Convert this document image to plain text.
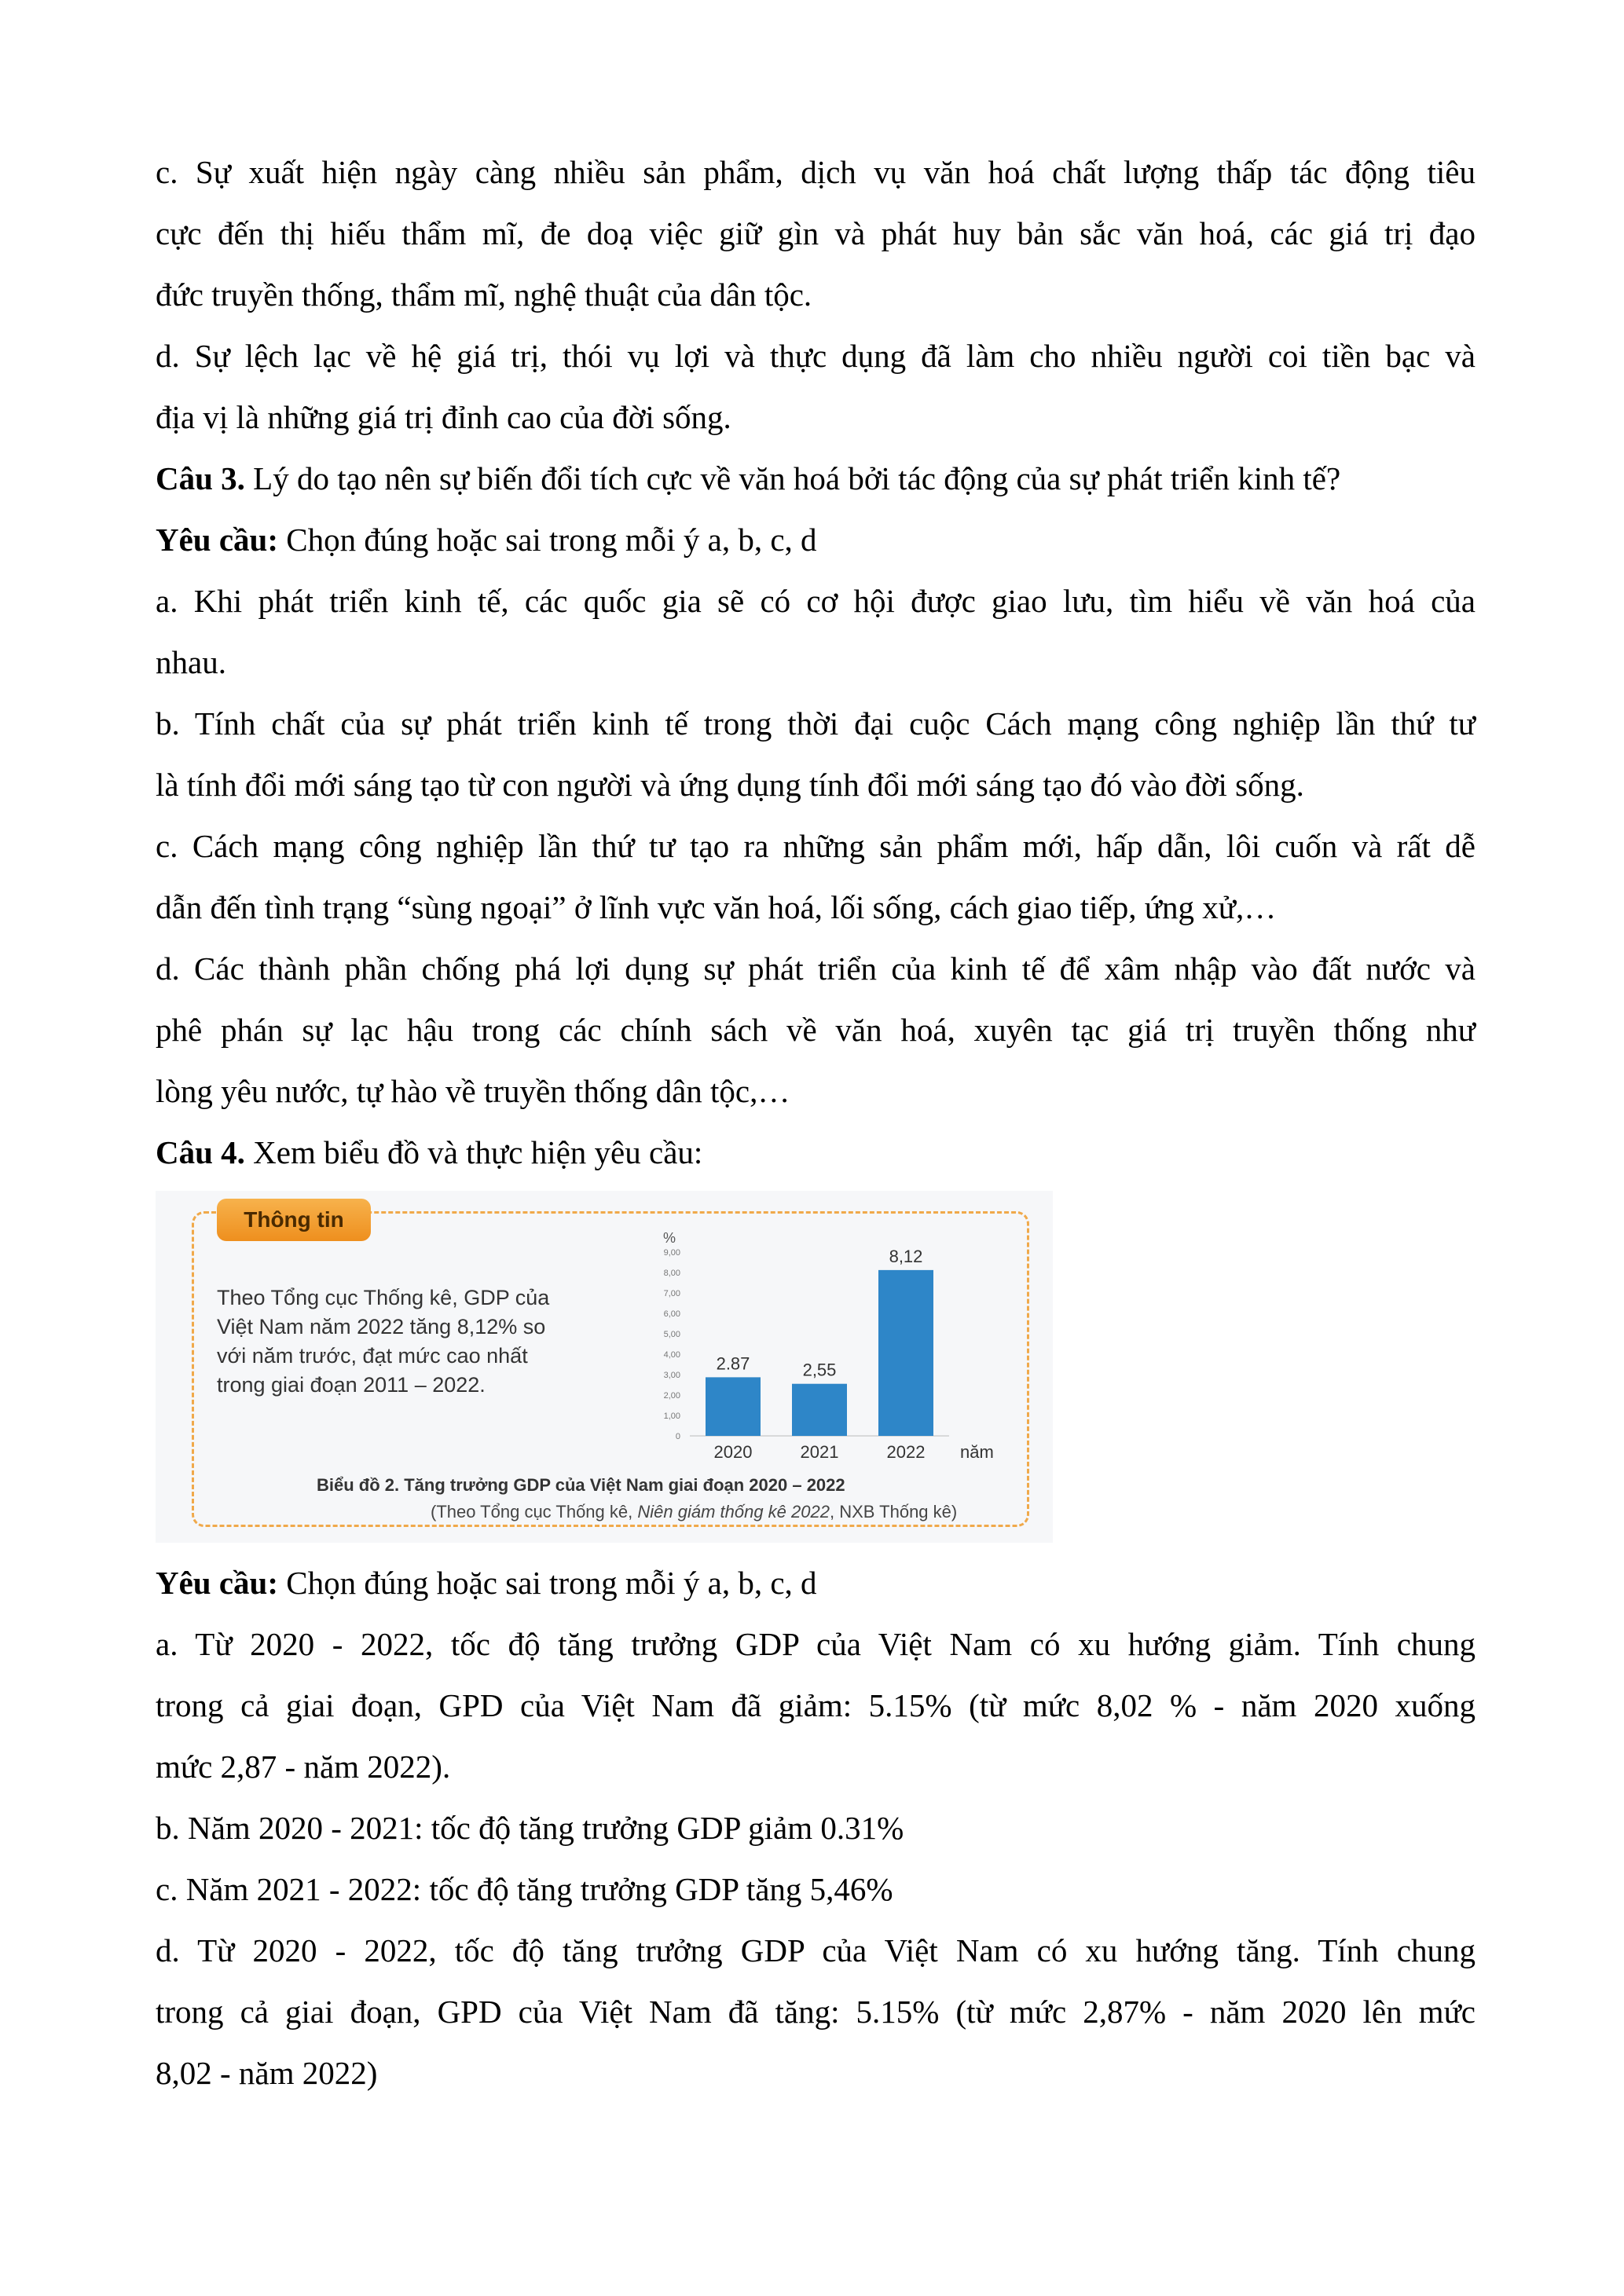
c. Sự xuất hiện ngày càng nhiều sản phẩm, dịch vụ văn hoá chất lượng thấp tác động tiêu
cực đến thị hiếu thẩm mĩ, đe doạ việc giữ gìn và phát huy bản sắc văn hoá, các giá trị đạo
đức truyền thống, thẩm mĩ, nghệ thuật của dân tộc.
d. Sự lệch lạc về hệ giá trị, thói vụ lợi và thực dụng đã làm cho nhiều người coi tiền bạc và
địa vị là những giá trị đỉnh cao của đời sống.
Câu 3. Lý do tạo nên sự biến đổi tích cực về văn hoá bởi tác động của sự phát triển kinh tế?
Yêu cầu: Chọn đúng hoặc sai trong mỗi ý a, b, c, d
a. Khi phát triển kinh tế, các quốc gia sẽ có cơ hội được giao lưu, tìm hiểu về văn hoá của
nhau.
b. Tính chất của sự phát triển kinh tế trong thời đại cuộc Cách mạng công nghiệp lần thứ tư
là tính đổi mới sáng tạo từ con người và ứng dụng tính đổi mới sáng tạo đó vào đời sống.
c. Cách mạng công nghiệp lần thứ tư tạo ra những sản phẩm mới, hấp dẫn, lôi cuốn và rất dễ
dẫn đến tình trạng “sùng ngoại” ở lĩnh vực văn hoá, lối sống, cách giao tiếp, ứng xử,…
d. Các thành phần chống phá lợi dụng sự phát triển của kinh tế để xâm nhập vào đất nước và
phê phán sự lạc hậu trong các chính sách về văn hoá, xuyên tạc giá trị truyền thống như
lòng yêu nước, tự hào về truyền thống dân tộc,…
Câu 4. Xem biểu đồ và thực hiện yêu cầu:
Thông tin
Theo Tổng cục Thống kê, GDP của
Việt Nam năm 2022 tăng 8,12% so
với năm trước, đạt mức cao nhất
trong giai đoạn 2011 – 2022.
%
0
1,00
2,00
3,00
4,00
5,00
6,00
7,00
8,00
9,00
2.87
2020
2,55
2021
8,12
2022 năm
Biểu đồ 2. Tăng trưởng GDP của Việt Nam giai đoạn 2020 – 2022
(Theo Tổng cục Thống kê, Niên giám thống kê 2022, NXB Thống kê)
Yêu cầu: Chọn đúng hoặc sai trong mỗi ý a, b, c, d
a. Từ 2020 - 2022, tốc độ tăng trưởng GDP của Việt Nam có xu hướng giảm. Tính chung
trong cả giai đoạn, GPD của Việt Nam đã giảm: 5.15% (từ mức 8,02 % - năm 2020 xuống
mức 2,87 - năm 2022).
b. Năm 2020 - 2021: tốc độ tăng trưởng GDP giảm 0.31%
c. Năm 2021 - 2022: tốc độ tăng trưởng GDP tăng 5,46%
d. Từ 2020 - 2022, tốc độ tăng trưởng GDP của Việt Nam có xu hướng tăng. Tính chung
trong cả giai đoạn, GPD của Việt Nam đã tăng: 5.15% (từ mức 2,87% - năm 2020 lên mức
8,02 - năm 2022)
